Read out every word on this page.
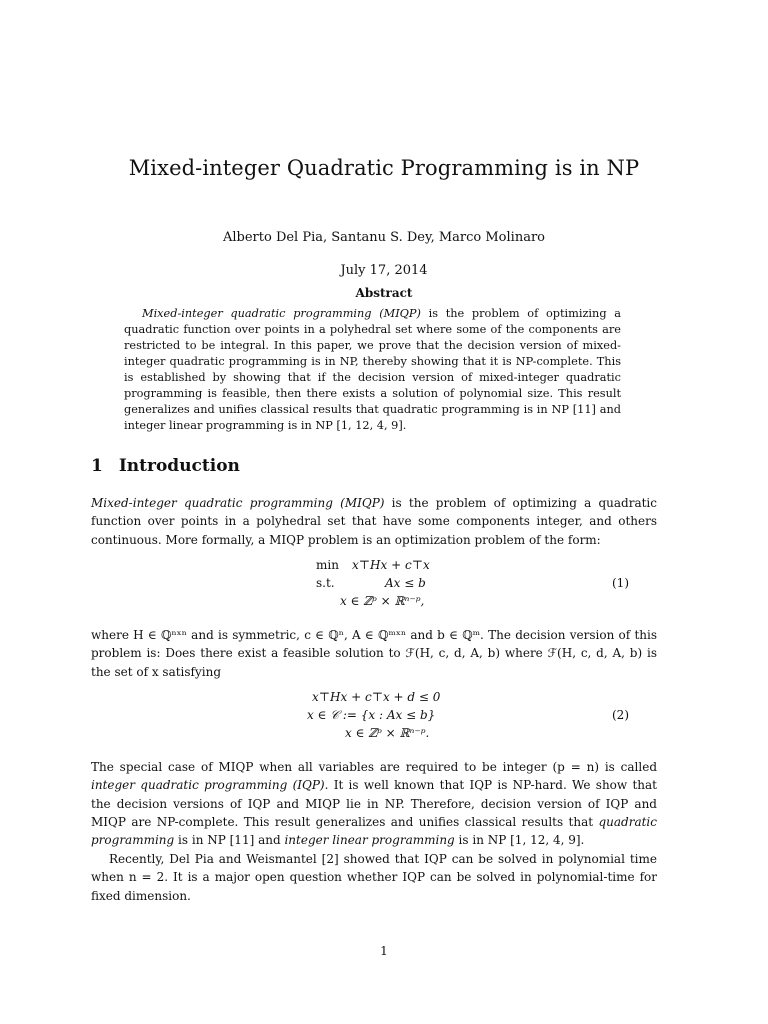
Mixed-integer Quadratic Programming is in NP
Alberto Del Pia, Santanu S. Dey, Marco Molinaro
July 17, 2014
Abstract
Mixed-integer quadratic programming (MIQP) is the problem of optimizing a quadratic function over points in a polyhedral set where some of the components are restricted to be integral. In this paper, we prove that the decision version of mixed-integer quadratic programming is in NP, thereby showing that it is NP-complete. This is established by showing that if the decision version of mixed-integer quadratic programming is feasible, then there exists a solution of polynomial size. This result generalizes and unifies classical results that quadratic programming is in NP [11] and integer linear programming is in NP [1, 12, 4, 9].
1 Introduction
Mixed-integer quadratic programming (MIQP) is the problem of optimizing a quadratic function over points in a polyhedral set that have some components integer, and others continuous. More formally, a MIQP problem is an optimization problem of the form:
min x⊤Hx + c⊤x
s.t.	Ax ≤ b
x ∈ ℤᵖ × ℝⁿ⁻ᵖ,
(1)
where H ∈ ℚⁿˣⁿ and is symmetric, c ∈ ℚⁿ, A ∈ ℚᵐˣⁿ and b ∈ ℚᵐ. The decision version of this problem is: Does there exist a feasible solution to ℱ(H, c, d, A, b) where ℱ(H, c, d, A, b) is the set of x satisfying
x⊤Hx + c⊤x + d ≤ 0
x ∈ 𝒞 := {x : Ax ≤ b}
x ∈ ℤᵖ × ℝⁿ⁻ᵖ.
(2)
The special case of MIQP when all variables are required to be integer (p = n) is called integer quadratic programming (IQP). It is well known that IQP is NP-hard. We show that the decision versions of IQP and MIQP lie in NP. Therefore, decision version of IQP and MIQP are NP-complete. This result generalizes and unifies classical results that quadratic programming is in NP [11] and integer linear programming is in NP [1, 12, 4, 9].
Recently, Del Pia and Weismantel [2] showed that IQP can be solved in polynomial time when n = 2. It is a major open question whether IQP can be solved in polynomial-time for fixed dimension.
1
